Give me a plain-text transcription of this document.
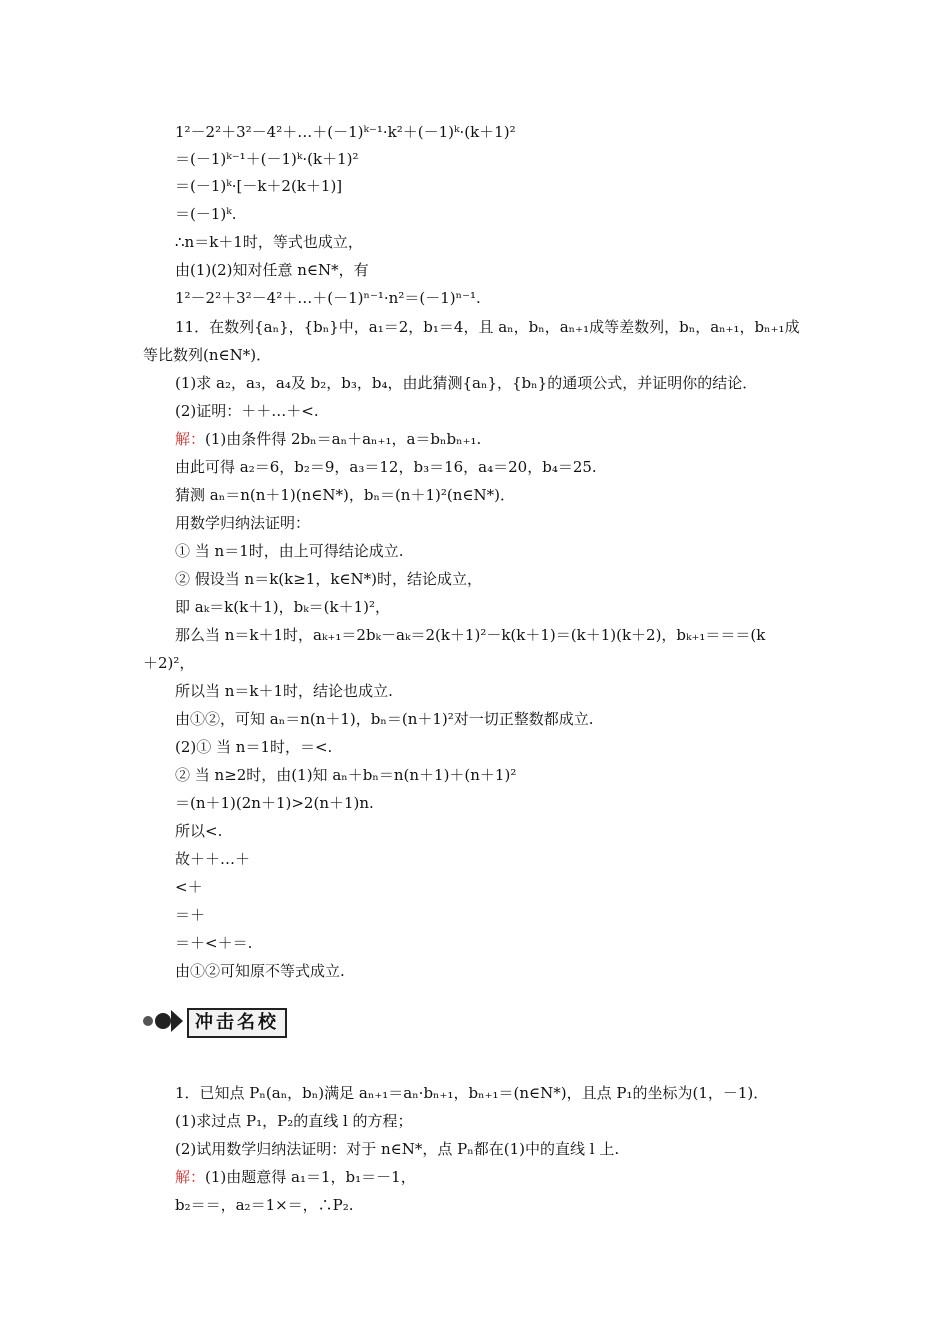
1²－2²＋3²－4²＋…＋(－1)ᵏ⁻¹·k²＋(－1)ᵏ·(k＋1)²
＝(－1)ᵏ⁻¹＋(－1)ᵏ·(k＋1)²
＝(－1)ᵏ·[－k＋2(k＋1)]
＝(－1)ᵏ.
∴n＝k＋1时，等式也成立，
由(1)(2)知对任意 n∈N*，有
1²－2²＋3²－4²＋…＋(－1)ⁿ⁻¹·n²＝(－1)ⁿ⁻¹.
11．在数列{aₙ}，{bₙ}中，a₁＝2，b₁＝4，且 aₙ，bₙ，aₙ₊₁成等差数列，bₙ，aₙ₊₁，bₙ₊₁成
等比数列(n∈N*)．
(1)求 a₂，a₃，a₄及 b₂，b₃，b₄，由此猜测{aₙ}，{bₙ}的通项公式，并证明你的结论．
(2)证明：＋＋…＋<.
解：(1)由条件得 2bₙ＝aₙ＋aₙ₊₁，a＝bₙbₙ₊₁.
由此可得 a₂＝6，b₂＝9，a₃＝12，b₃＝16，a₄＝20，b₄＝25.
猜测 aₙ＝n(n＋1)(n∈N*)，bₙ＝(n＋1)²(n∈N*)．
用数学归纳法证明：
① 当 n＝1时，由上可得结论成立.
② 假设当 n＝k(k≥1，k∈N*)时，结论成立，
即 aₖ＝k(k＋1)，bₖ＝(k＋1)²，
那么当 n＝k＋1时，aₖ₊₁＝2bₖ－aₖ＝2(k＋1)²－k(k＋1)＝(k＋1)(k＋2)，bₖ₊₁＝＝＝(k
＋2)²，
所以当 n＝k＋1时，结论也成立.
由①②，可知 aₙ＝n(n＋1)，bₙ＝(n＋1)²对一切正整数都成立.
(2)① 当 n＝1时，＝<.
② 当 n≥2时，由(1)知 aₙ＋bₙ＝n(n＋1)＋(n＋1)²
＝(n＋1)(2n＋1)>2(n＋1)n.
所以<.
故＋＋…＋
<＋
＝＋
＝＋<＋＝.
由①②可知原不等式成立.
冲击名校
1．已知点 Pₙ(aₙ，bₙ)满足 aₙ₊₁＝aₙ·bₙ₊₁，bₙ₊₁＝(n∈N*)，且点 P₁的坐标为(1，－1)．
(1)求过点 P₁，P₂的直线 l 的方程；
(2)试用数学归纳法证明：对于 n∈N*，点 Pₙ都在(1)中的直线 l 上.
解：(1)由题意得 a₁＝1，b₁＝－1，
b₂＝＝，a₂＝1×＝，∴P₂.
